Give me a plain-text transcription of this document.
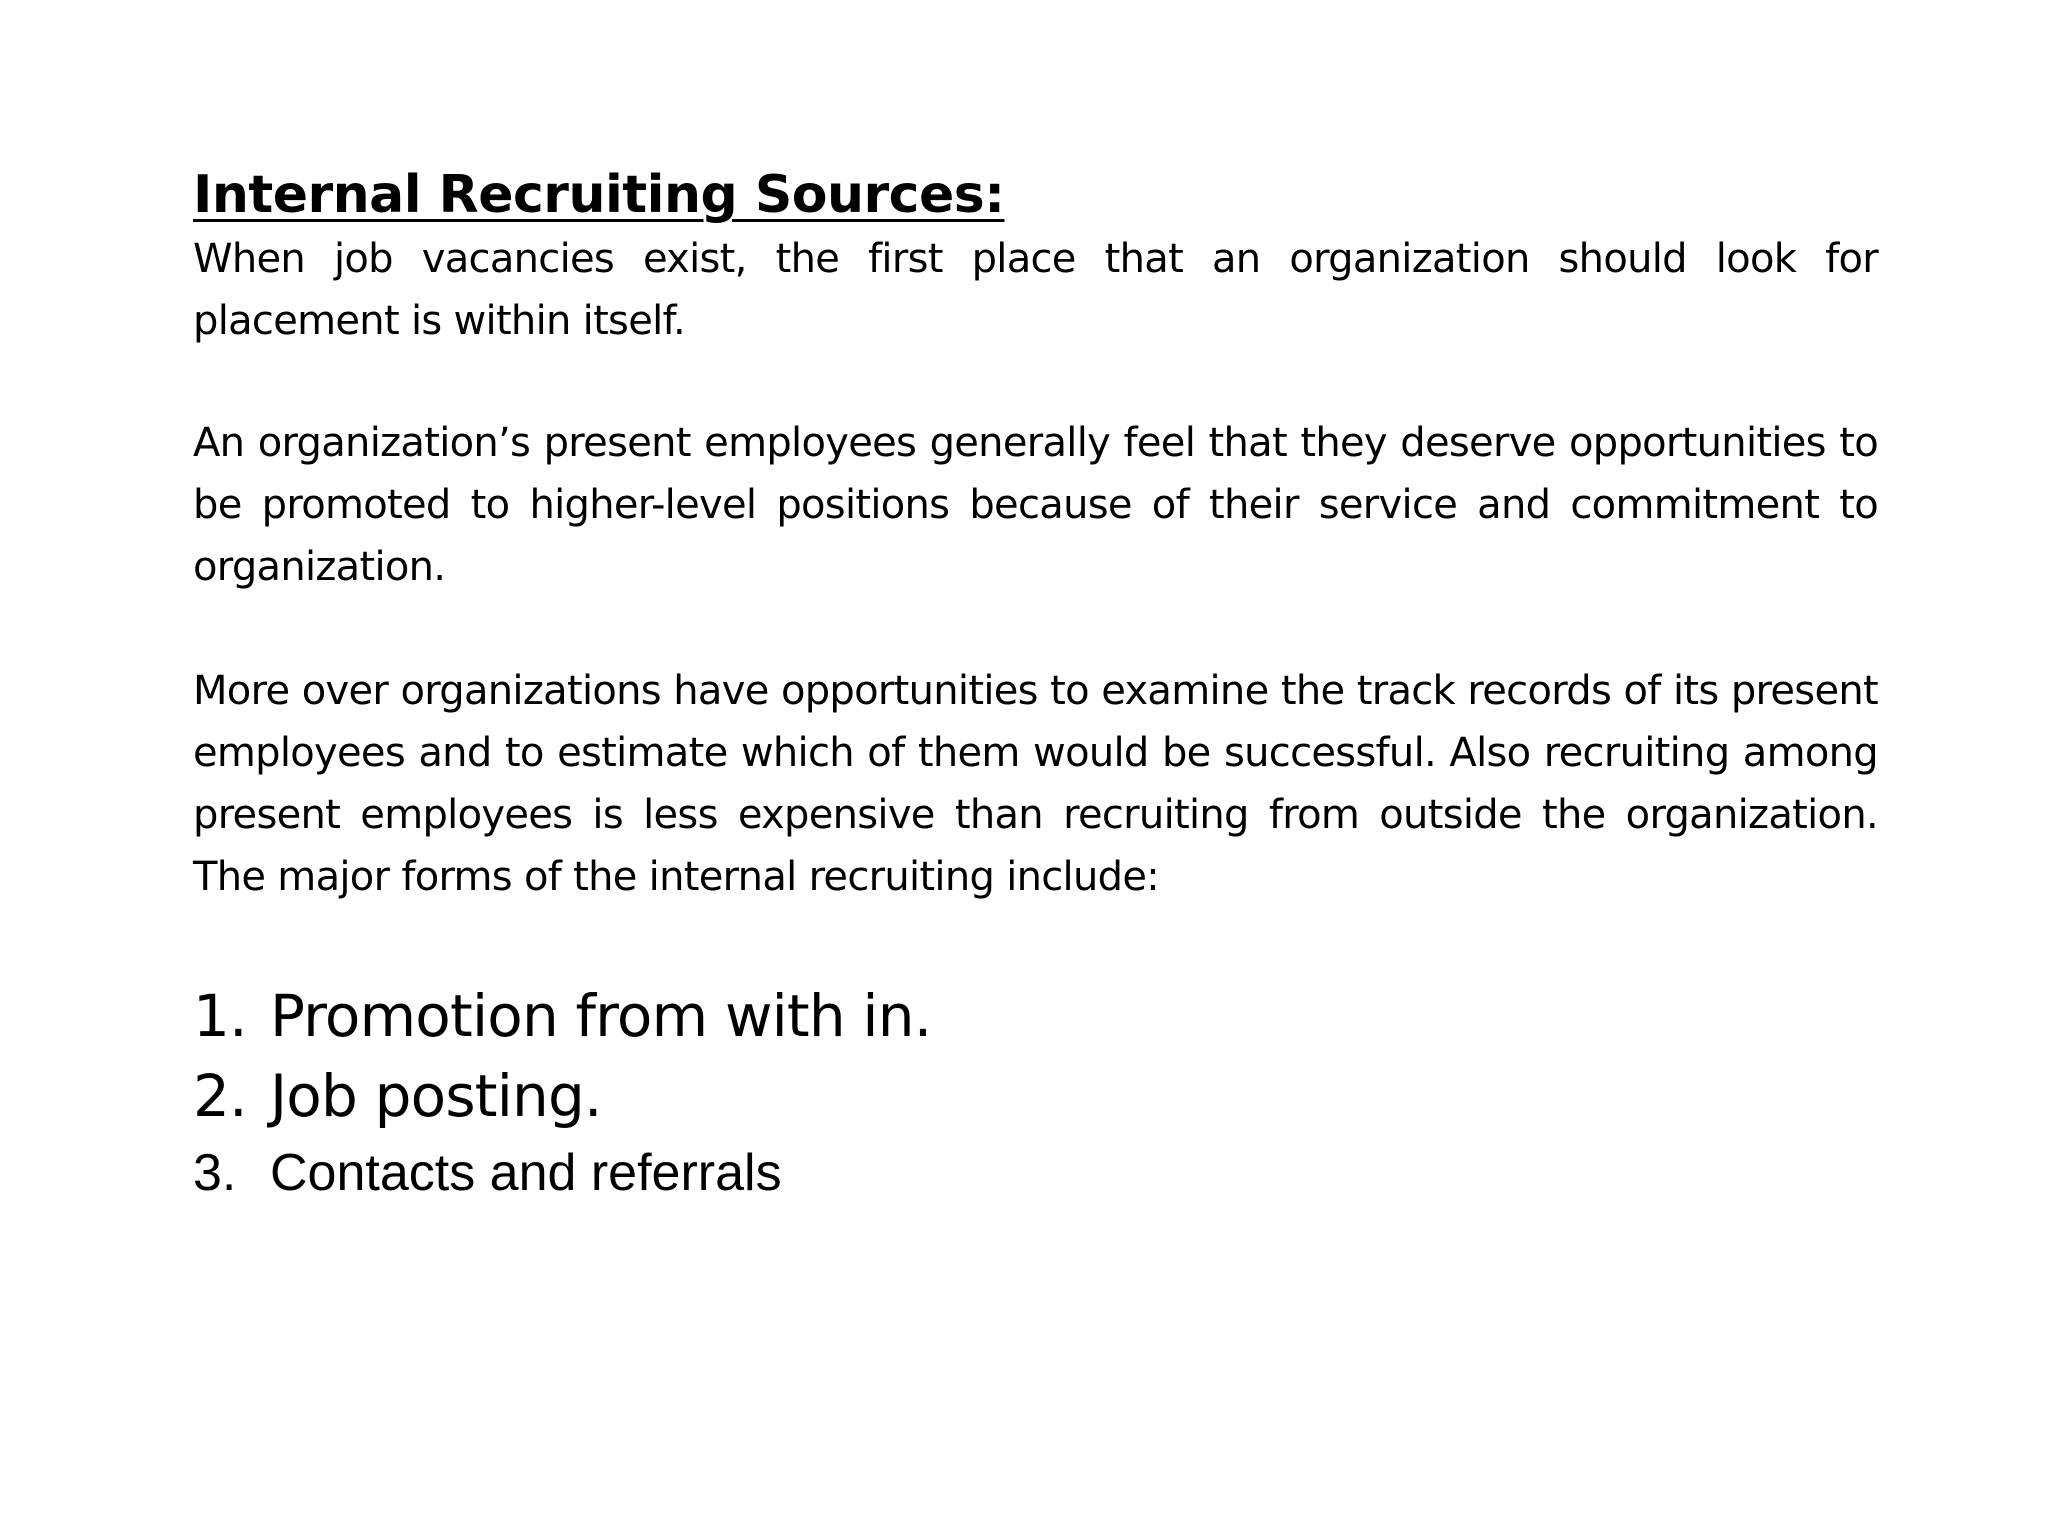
Internal Recruiting Sources:

When job vacancies exist, the first place that an organization should look for placement is within itself.

An organization’s present employees generally feel that they deserve opportunities to be promoted to higher-level positions because of their service and commitment to organization.

More over organizations have opportunities to examine the track records of its present employees and to estimate which of them would be successful. Also recruiting among present employees is less expensive than recruiting from outside the organization. The major forms of the internal recruiting include:

1. Promotion from with in.
2. Job posting.
3. Contacts and referrals
